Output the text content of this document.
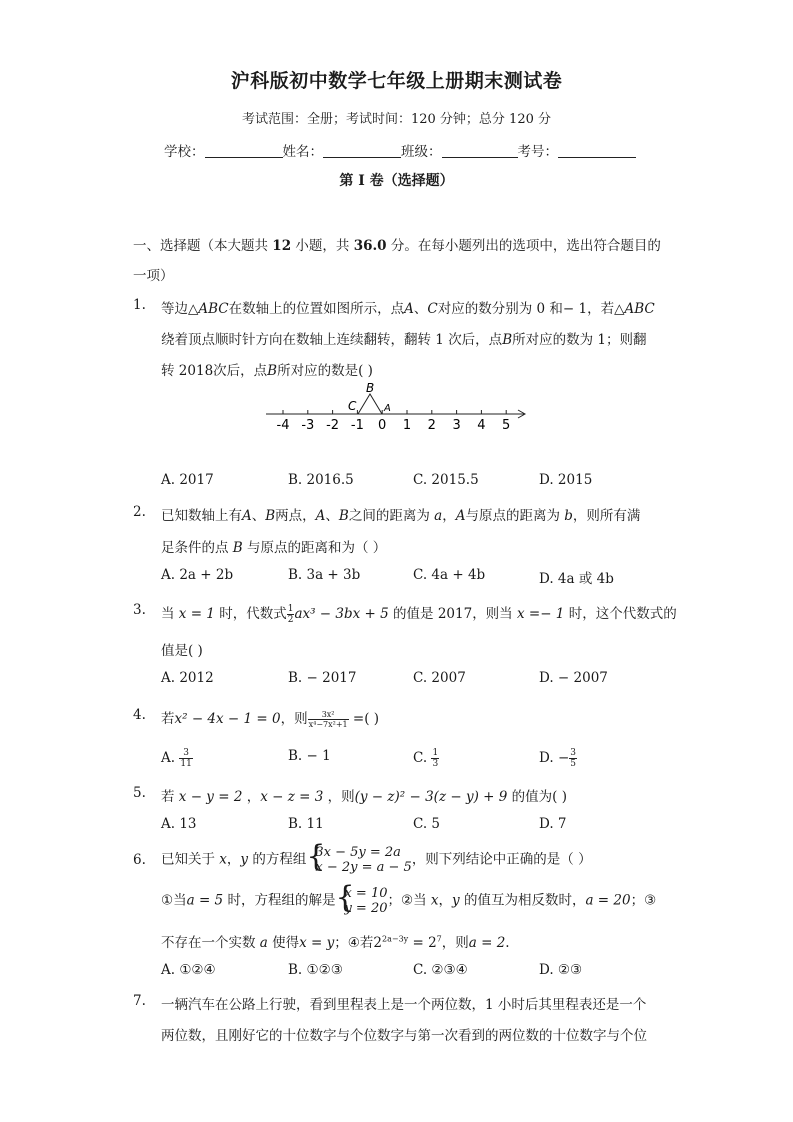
沪科版初中数学七年级上册期末测试卷
考试范围：全册；考试时间：120 分钟；总分 120 分
学校：	姓名：	班级：	考号：
第 I 卷（选择题）
一、选择题（本大题共 12 小题，共 36.0 分。在每小题列出的选项中，选出符合题目的
一项）
1. 等边△ABC在数轴上的位置如图所示，点A、C对应的数分别为 0 和− 1，若△ABC
绕着顶点顺时针方向在数轴上连续翻转，翻转 1 次后，点B所对应的数为 1；则翻
转 2018次后，点B所对应的数是( )
-4 -3 -2 -1 0 1 2 3 4 5
B
C	A
A. 2017	B. 2016.5	C. 2015.5	D. 2015
2. 已知数轴上有A、B两点，A、B之间的距离为 a，A与原点的距离为 b，则所有满
足条件的点 B 与原点的距离和为（ ）
A. 2a + 2b	B. 3a + 3b	C. 4a + 4b	D. 4a 或 4b
3. 当 x = 1 时，代数式 $\frac{1}{2} ax^3 - 3bx + 5$ 的值是 2017，则当 x =− 1 时，这个代数式的
值是( )
A. 2012	B. − 2017	C. 2007	D. − 2007
4. 若x² − 4x − 1 = 0，则 $\frac{\text{3x²}}{\text{x⁴−7x²+1}}$ =( )
A. $\frac{3}{11}$	B. − 1	C. $\frac{1}{3}$	D. − $\frac{3}{5}$
5. 若 x − y = 2 ，x − z = 3 ，则(y − z)² − 3(z − y) + 9 的值为( )
A. 13	B. 11	C. 5	D. 7
6. 已知关于 x，y 的方程组 {
3x − 5y = 2a
x − 2y = a − 5 ，则下列结论中正确的是（ ）
①当a = 5 时，方程组的解是 {
x = 10
y = 20 ；②当 x，y 的值互为相反数时，a = 20；③
不存在一个实数 a 使得x = y；④若$2^{2a-3y} = 2^7$，则a = 2.
A. ①②④	B. ①②③	C. ②③④	D. ②③
7. 一辆汽车在公路上行驶，看到里程表上是一个两位数，1 小时后其里程表还是一个
两位数，且刚好它的十位数字与个位数字与第一次看到的两位数的十位数字与个位
